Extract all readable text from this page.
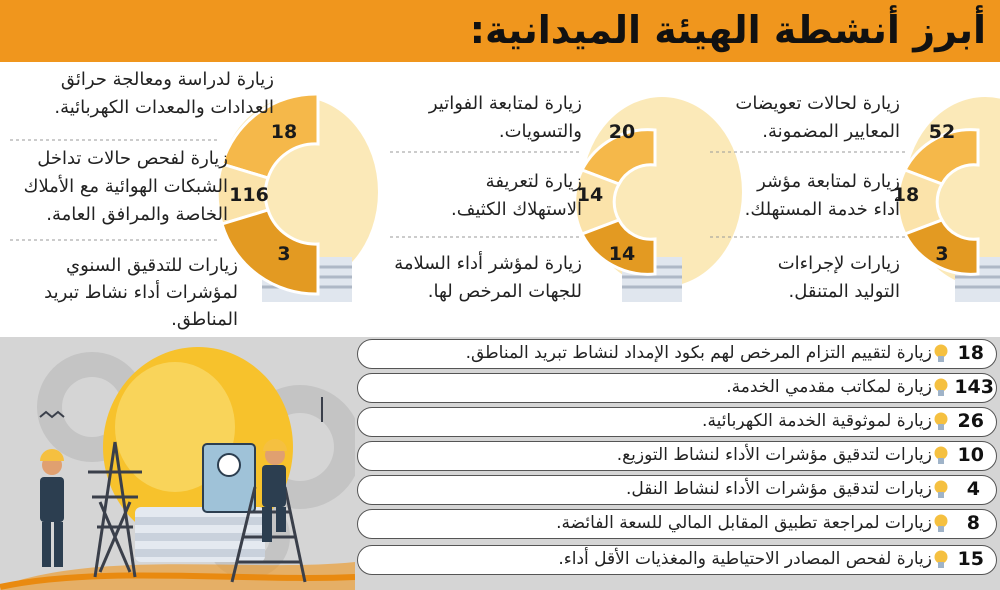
أبرز أنشطة الهيئة الميدانية:
52
18
3
20
14
14
18
116
3
زيارة لحالات تعويضات
المعايير المضمونة.
زيارة لمتابعة مؤشر
أداء خدمة المستهلك.
زيارات لإجراءات
التوليد المتنقل.
زيارة لمتابعة الفواتير
والتسويات.
زيارة لتعريفة
الاستهلاك الكثيف.
زيارة لمؤشر أداء السلامة
للجهات المرخص لها.
زيارة لدراسة ومعالجة حرائق
العدادات والمعدات الكهربائية.
زيارة لفحص حالات تداخل
الشبكات الهوائية مع الأملاك
الخاصة والمرافق العامة.
زيارات للتدقيق السنوي
لمؤشرات أداء نشاط تبريد
المناطق.
18
زيارة لتقييم التزام المرخص لهم بكود الإمداد لنشاط تبريد المناطق.
143
زيارة لمكاتب مقدمي الخدمة.
26
زيارة لموثوقية الخدمة الكهربائية.
10
زيارات لتدقيق مؤشرات الأداء لنشاط التوزيع.
4
زيارات لتدقيق مؤشرات الأداء لنشاط النقل.
8
زيارات لمراجعة تطبيق المقابل المالي للسعة الفائضة.
15
زيارة لفحص المصادر الاحتياطية والمغذيات الأقل أداء.
